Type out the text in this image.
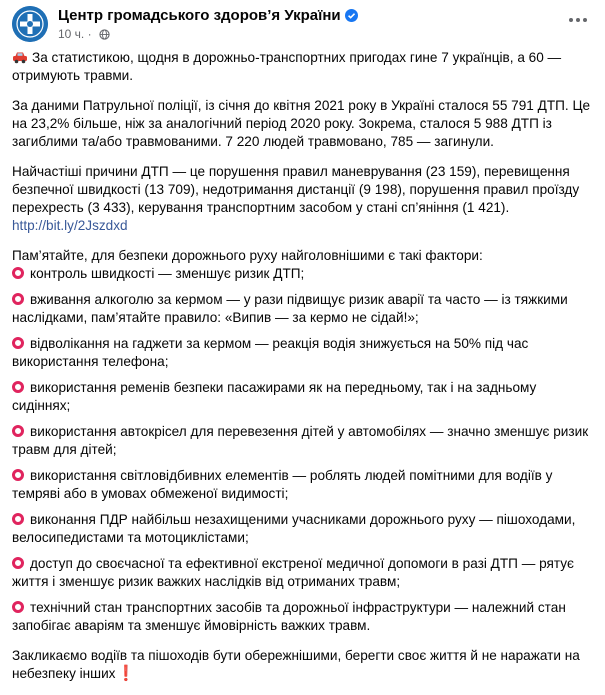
Центр громадського здоров’я України
10 ч. ·

За статистикою, щодня в дорожньо-транспортних пригодах гине 7 українців, а 60 — отримують травми.

За даними Патрульної поліції, із січня до квітня 2021 року в Україні сталося 55 791 ДТП. Це на 23,2% більше, ніж за аналогічний період 2020 року. Зокрема, сталося 5 988 ДТП із загиблими та/або травмованими. 7 220 людей травмовано, 785 — загинули.

Найчастіші причини ДТП — це порушення правил маневрування (23 159), перевищення безпечної швидкості (13 709), недотримання дистанції (9 198), порушення правил проїзду перехресть (3 433), керування транспортним засобом у стані сп’яніння (1 421).
http://bit.ly/2Jszdxd

Пам’ятайте, для безпеки дорожнього руху найголовнішими є такі фактори:

контроль швидкості — зменшує ризик ДТП;

вживання алкоголю за кермом — у рази підвищує ризик аварії та часто — із тяжкими наслідками, пам’ятайте правило: «Випив — за кермо не сідай!»;

відволікання на гаджети за кермом — реакція водія знижується на 50% під час використання телефона;

використання ременів безпеки пасажирами як на передньому, так і на задньому сидіннях;

використання автокрісел для перевезення дітей у автомобілях — значно зменшує ризик травм для дітей;

використання світловідбивних елементів — роблять людей помітними для водіїв у темряві або в умовах обмеженої видимості;

виконання ПДР найбільш незахищеними учасниками дорожнього руху — пішоходами, велосипедистами та мотоциклістами;

доступ до своєчасної та ефективної екстреної медичної допомоги в разі ДТП — рятує життя і зменшує ризик важких наслідків від отриманих травм;

технічний стан транспортних засобів та дорожньої інфраструктури — належний стан запобігає аваріям та зменшує ймовірність важких травм.

Закликаємо водіїв та пішоходів бути обережнішими, берегти своє життя й не наражати на небезпеку інших❗
